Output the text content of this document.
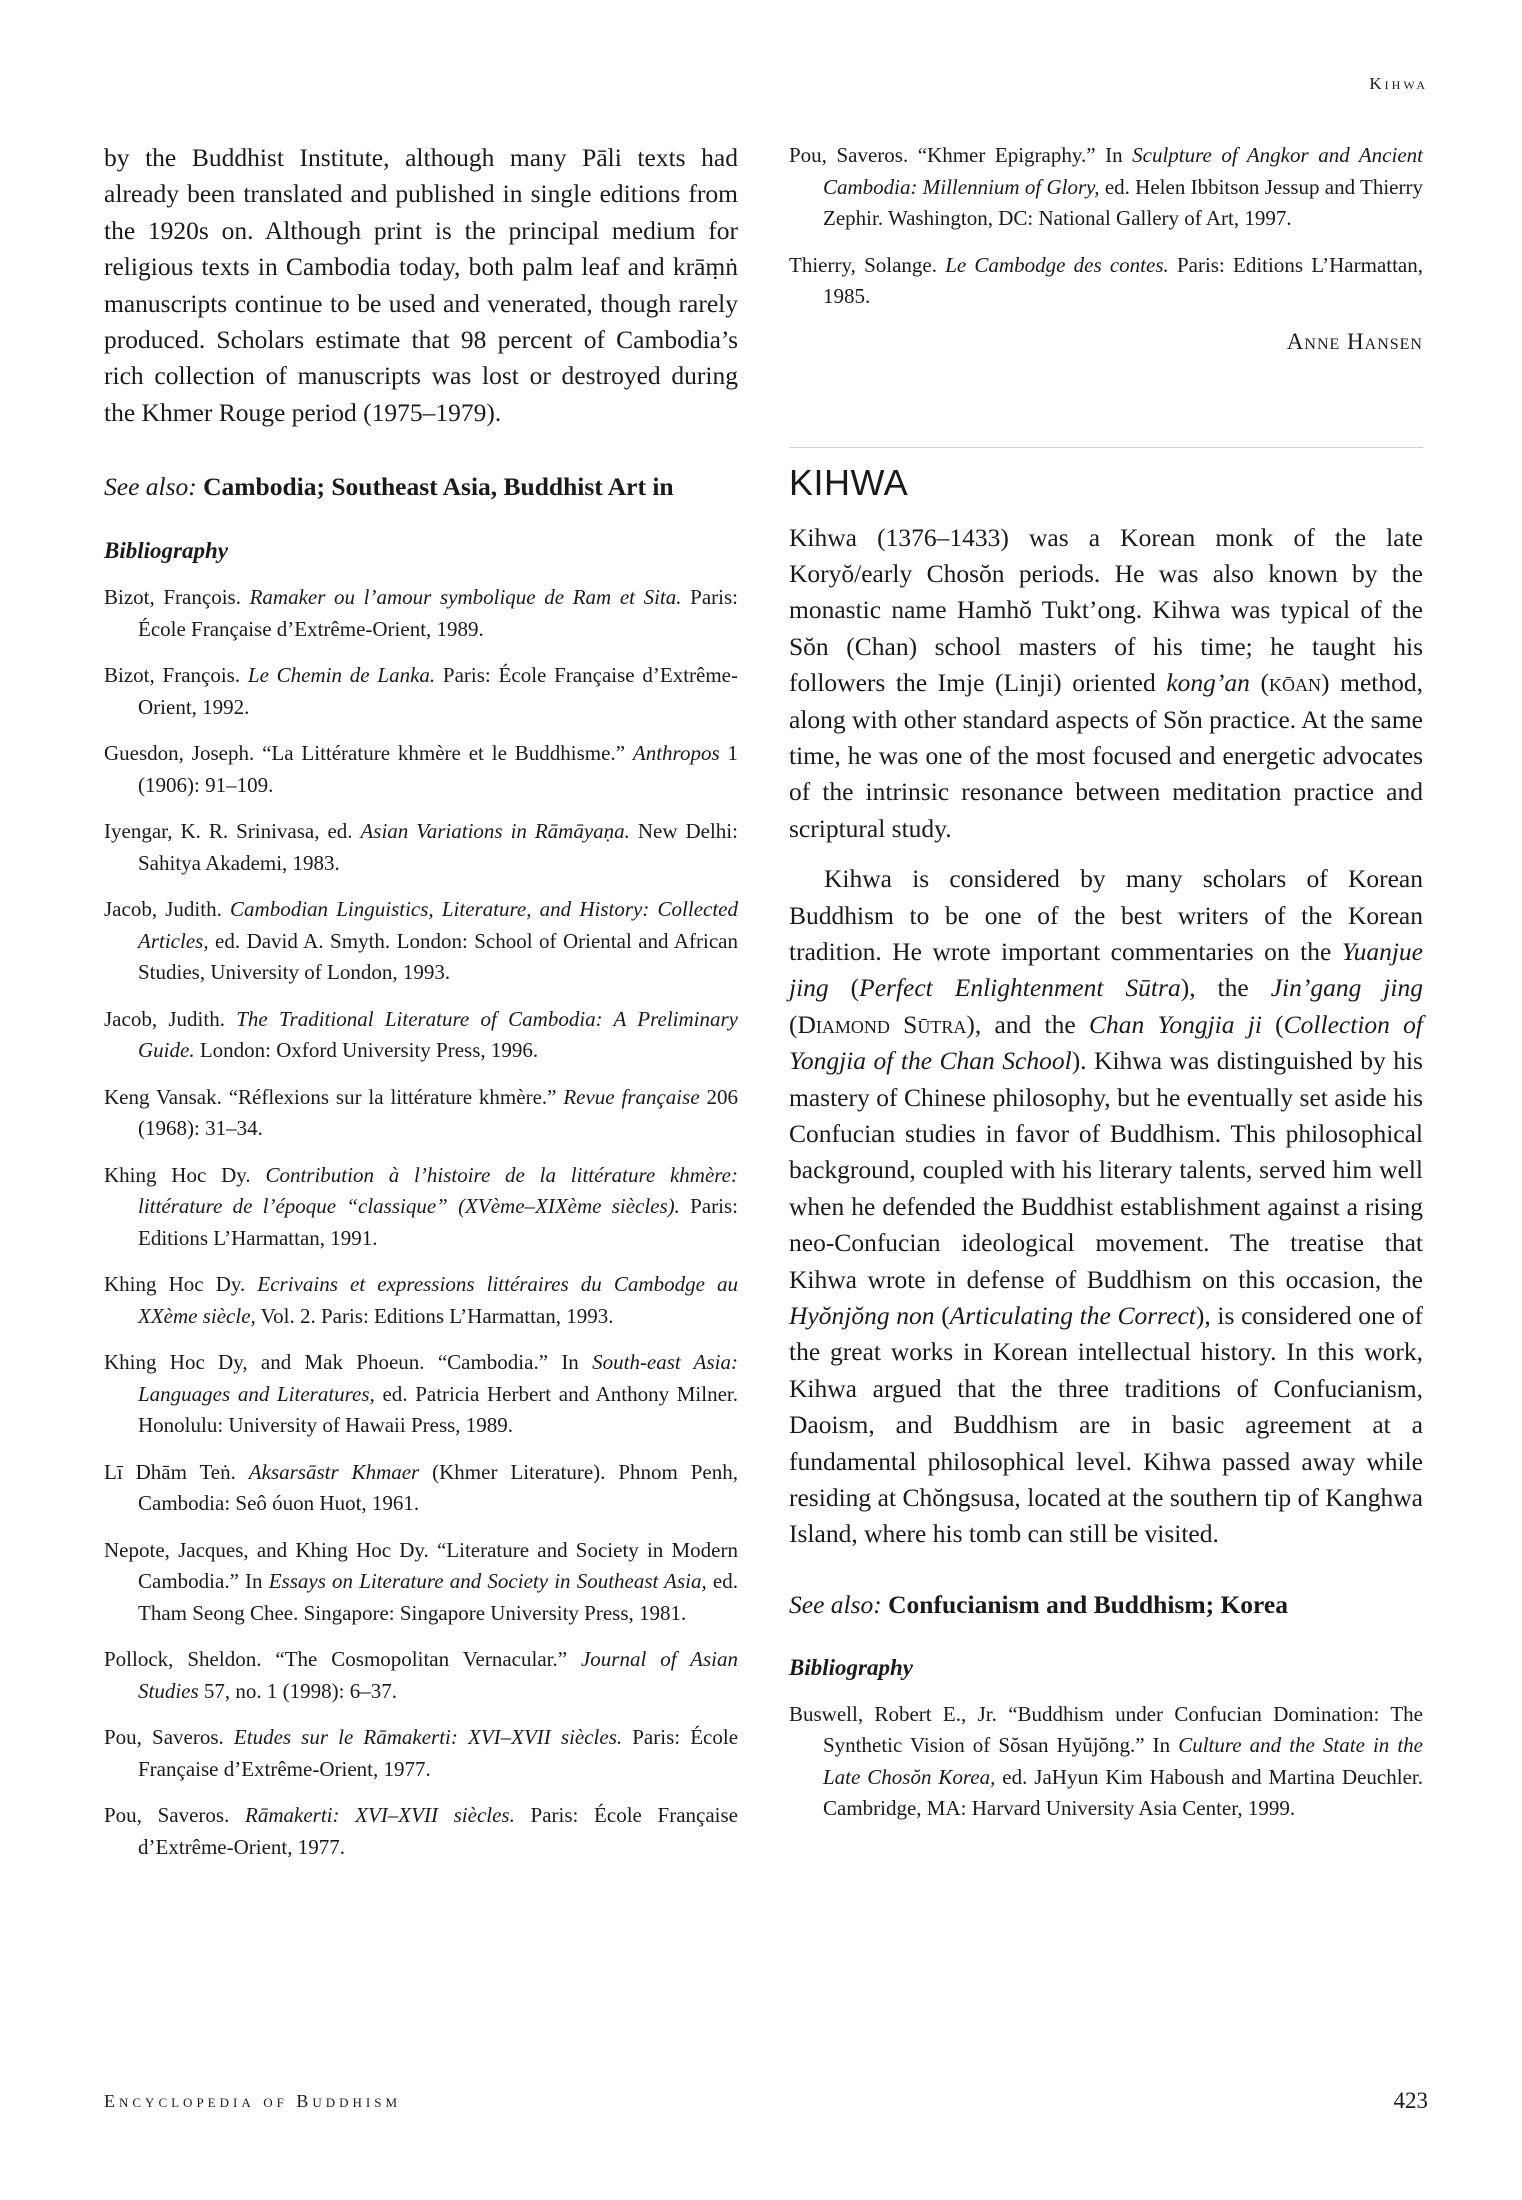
Kihwa

by the Buddhist Institute, although many Pāli texts had already been translated and published in single editions from the 1920s on. Although print is the principal medium for religious texts in Cambodia today, both palm leaf and krāṃṅ manuscripts continue to be used and venerated, though rarely produced. Scholars estimate that 98 percent of Cambodia’s rich collection of manuscripts was lost or destroyed during the Khmer Rouge period (1975–1979).

See also: Cambodia; Southeast Asia, Buddhist Art in

Bibliography
Bizot, François. Ramaker ou l’amour symbolique de Ram et Sita. Paris: École Française d’Extrême-Orient, 1989.
Bizot, François. Le Chemin de Lanka. Paris: École Française d’Extrême-Orient, 1992.
Guesdon, Joseph. “La Littérature khmère et le Buddhisme.” Anthropos 1 (1906): 91–109.
Iyengar, K. R. Srinivasa, ed. Asian Variations in Rāmāyaṇa. New Delhi: Sahitya Akademi, 1983.
Jacob, Judith. Cambodian Linguistics, Literature, and History: Collected Articles, ed. David A. Smyth. London: School of Oriental and African Studies, University of London, 1993.
Jacob, Judith. The Traditional Literature of Cambodia: A Preliminary Guide. London: Oxford University Press, 1996.
Keng Vansak. “Réflexions sur la littérature khmère.” Revue française 206 (1968): 31–34.
Khing Hoc Dy. Contribution à l’histoire de la littérature khmère: littérature de l’époque “classique” (XVème–XIXème siècles). Paris: Editions L’Harmattan, 1991.
Khing Hoc Dy. Ecrivains et expressions littéraires du Cambodge au XXème siècle, Vol. 2. Paris: Editions L’Harmattan, 1993.
Khing Hoc Dy, and Mak Phoeun. “Cambodia.” In South-east Asia: Languages and Literatures, ed. Patricia Herbert and Anthony Milner. Honolulu: University of Hawaii Press, 1989.
Lī Dhām Teṅ. Aksarsāstr Khmaer (Khmer Literature). Phnom Penh, Cambodia: Seô óuon Huot, 1961.
Nepote, Jacques, and Khing Hoc Dy. “Literature and Society in Modern Cambodia.” In Essays on Literature and Society in Southeast Asia, ed. Tham Seong Chee. Singapore: Singapore University Press, 1981.
Pollock, Sheldon. “The Cosmopolitan Vernacular.” Journal of Asian Studies 57, no. 1 (1998): 6–37.
Pou, Saveros. Etudes sur le Rāmakerti: XVI–XVII siècles. Paris: École Française d’Extrême-Orient, 1977.
Pou, Saveros. Rāmakerti: XVI–XVII siècles. Paris: École Française d’Extrême-Orient, 1977.
Pou, Saveros. “Khmer Epigraphy.” In Sculpture of Angkor and Ancient Cambodia: Millennium of Glory, ed. Helen Ibbitson Jessup and Thierry Zephir. Washington, DC: National Gallery of Art, 1997.
Thierry, Solange. Le Cambodge des contes. Paris: Editions L’Harmattan, 1985.
Anne Hansen
KIHWA

Kihwa (1376–1433) was a Korean monk of the late Koryŏ/early Chosŏn periods. He was also known by the monastic name Hamhŏ Tukt’ong. Kihwa was typical of the Sŏn (Chan) school masters of his time; he taught his followers the Imje (Linji) oriented kong’an (kōan) method, along with other standard aspects of Sŏn practice. At the same time, he was one of the most focused and energetic advocates of the intrinsic resonance between meditation practice and scriptural study.

Kihwa is considered by many scholars of Korean Buddhism to be one of the best writers of the Korean tradition. He wrote important commentaries on the Yuanjue jing (Perfect Enlightenment Sūtra), the Jin’gang jing (Diamond Sūtra), and the Chan Yongjia ji (Collection of Yongjia of the Chan School). Kihwa was distinguished by his mastery of Chinese philosophy, but he eventually set aside his Confucian studies in favor of Buddhism. This philosophical background, coupled with his literary talents, served him well when he defended the Buddhist establishment against a rising neo-Confucian ideological movement. The treatise that Kihwa wrote in defense of Buddhism on this occasion, the Hyŏnjŏng non (Articulating the Correct), is considered one of the great works in Korean intellectual history. In this work, Kihwa argued that the three traditions of Confucianism, Daoism, and Buddhism are in basic agreement at a fundamental philosophical level. Kihwa passed away while residing at Chŏngsusa, located at the southern tip of Kanghwa Island, where his tomb can still be visited.

See also: Confucianism and Buddhism; Korea

Bibliography
Buswell, Robert E., Jr. “Buddhism under Confucian Domination: The Synthetic Vision of Sŏsan Hyŭjŏng.” In Culture and the State in the Late Chosŏn Korea, ed. JaHyun Kim Haboush and Martina Deuchler. Cambridge, MA: Harvard University Asia Center, 1999.
Encyclopedia of Buddhism	423
